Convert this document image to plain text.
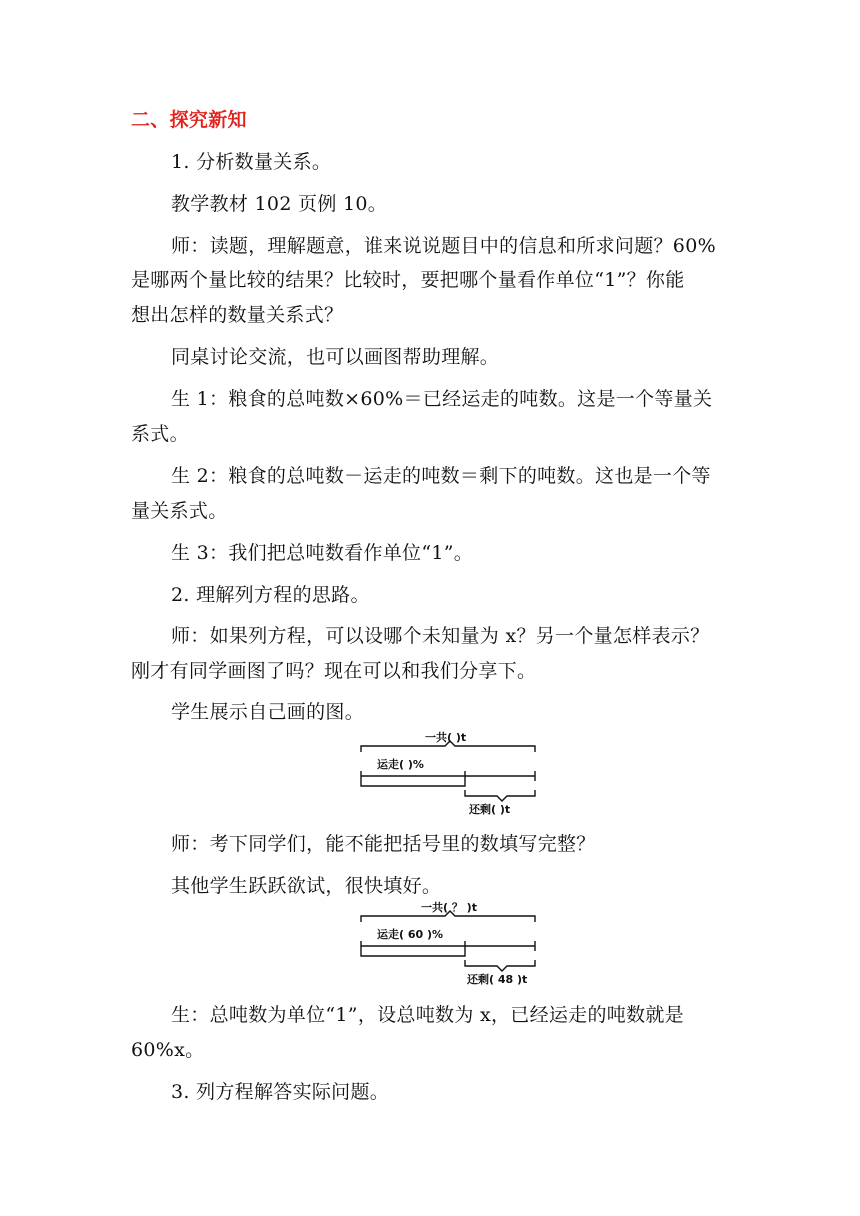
二、探究新知
1. 分析数量关系。
教学教材 102 页例 10。
师：读题，理解题意，谁来说说题目中的信息和所求问题？60%
是哪两个量比较的结果？比较时，要把哪个量看作单位“1”？你能
想出怎样的数量关系式？
同桌讨论交流，也可以画图帮助理解。
生 1：粮食的总吨数×60%＝已经运走的吨数。这是一个等量关
系式。
生 2：粮食的总吨数－运走的吨数＝剩下的吨数。这也是一个等
量关系式。
生 3：我们把总吨数看作单位“1”。
2. 理解列方程的思路。
师：如果列方程，可以设哪个未知量为 x？另一个量怎样表示？
刚才有同学画图了吗？现在可以和我们分享下。
学生展示自己画的图。
一共( )t
运走( )%
还剩( )t
师：考下同学们，能不能把括号里的数填写完整？
其他学生跃跃欲试，很快填好。
一共( ？ )t
运走( 60 )%
还剩( 48 )t
生：总吨数为单位“1”，设总吨数为 x，已经运走的吨数就是
60%x。
3. 列方程解答实际问题。
